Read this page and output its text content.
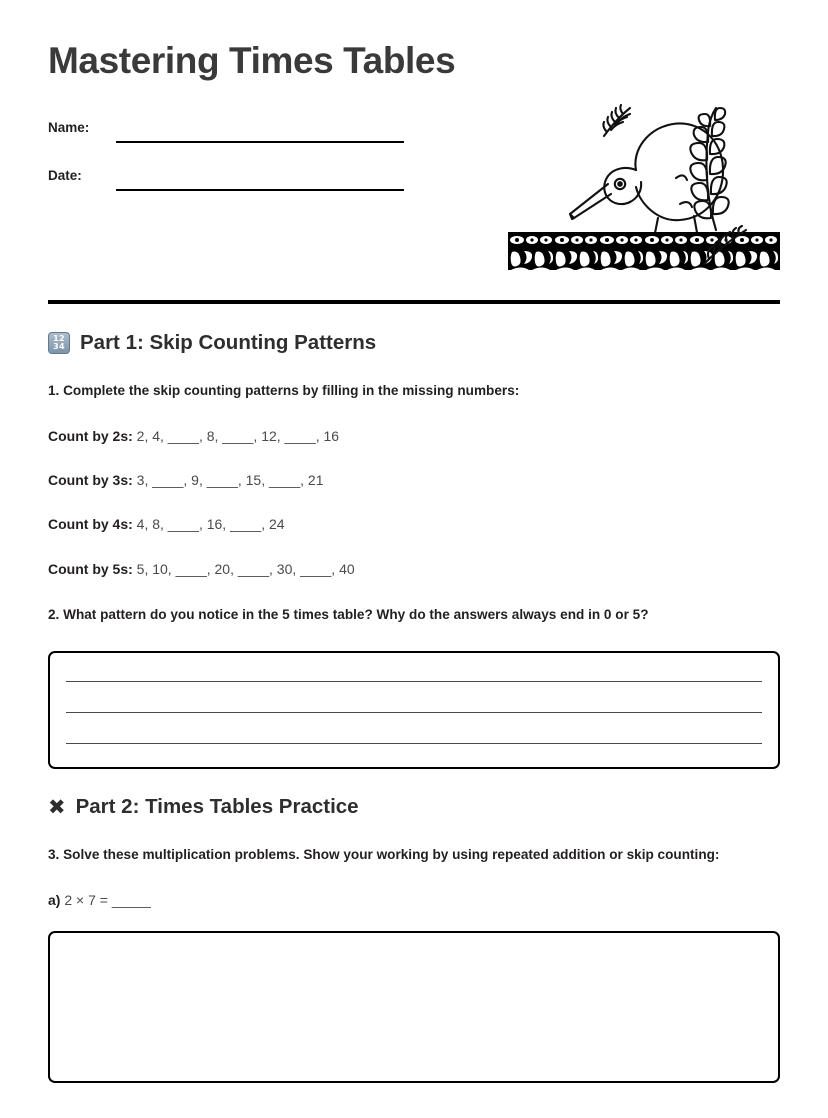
Mastering Times Tables
Name:
Date:
12
34 Part 1: Skip Counting Patterns

1. Complete the skip counting patterns by filling in the missing numbers:

Count by 2s: 2, 4, ____, 8, ____, 12, ____, 16

Count by 3s: 3, ____, 9, ____, 15, ____, 21

Count by 4s: 4, 8, ____, 16, ____, 24

Count by 5s: 5, 10, ____, 20, ____, 30, ____, 40

2. What pattern do you notice in the 5 times table? Why do the answers always end in 0 or 5?

✖ Part 2: Times Tables Practice

3. Solve these multiplication problems. Show your working by using repeated addition or skip counting:

a) 2 × 7 = _____
